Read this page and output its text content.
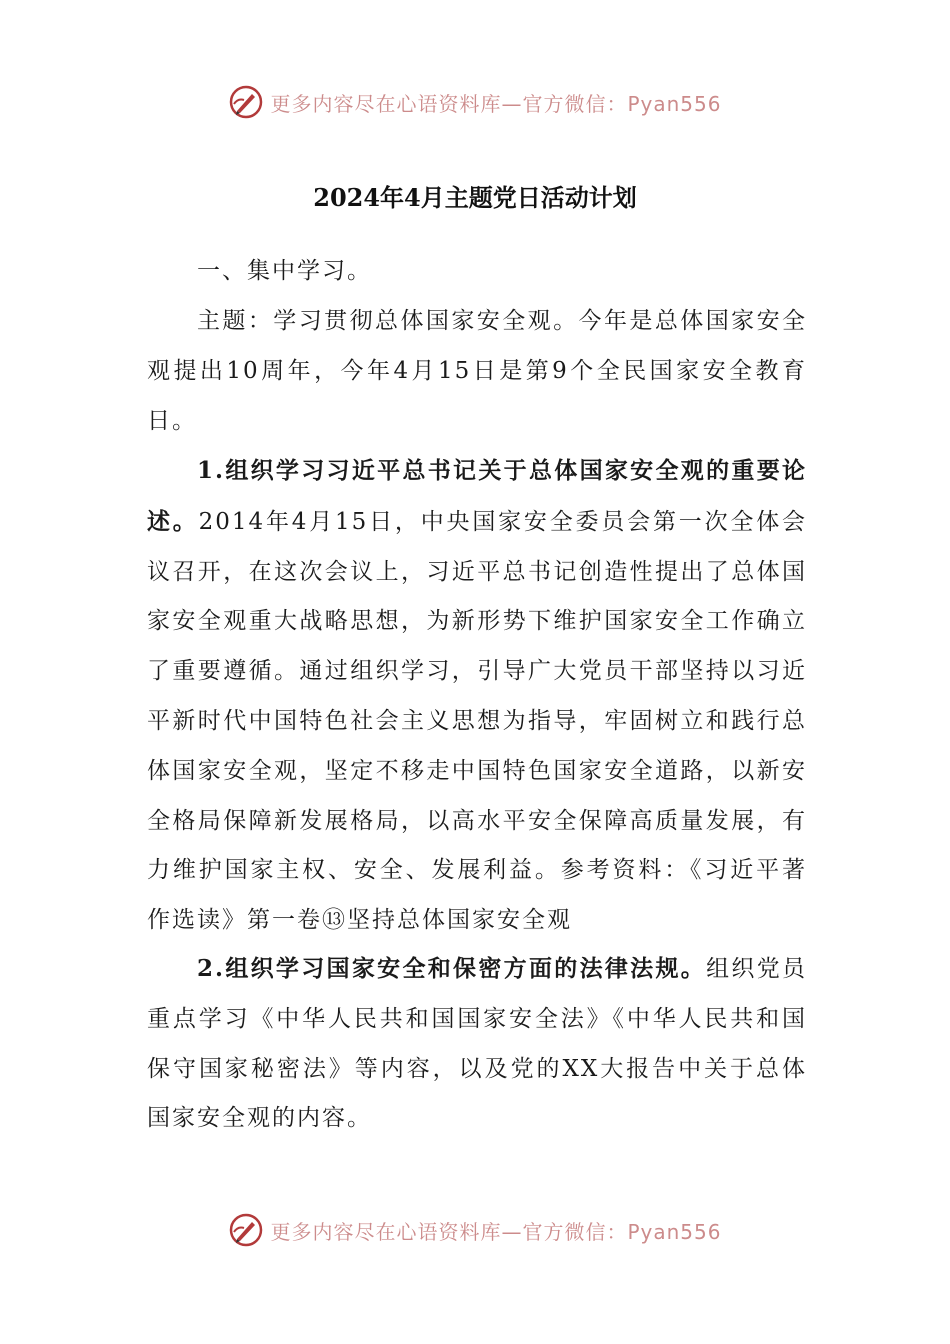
更多内容尽在心语资料库—官方微信：Pyan556
2024年4月主题党日活动计划

一、集中学习。

主题：学习贯彻总体国家安全观。今年是总体国家安全观提出10周年，今年4月15日是第9个全民国家安全教育日。

1.组织学习习近平总书记关于总体国家安全观的重要论述。2014年4月15日，中央国家安全委员会第一次全体会议召开，在这次会议上，习近平总书记创造性提出了总体国家安全观重大战略思想，为新形势下维护国家安全工作确立了重要遵循。通过组织学习，引导广大党员干部坚持以习近平新时代中国特色社会主义思想为指导，牢固树立和践行总体国家安全观，坚定不移走中国特色国家安全道路，以新安全格局保障新发展格局，以高水平安全保障高质量发展，有力维护国家主权、安全、发展利益。参考资料：《习近平著作选读》第一卷⑬坚持总体国家安全观

2.组织学习国家安全和保密方面的法律法规。组织党员重点学习《中华人民共和国国家安全法》《中华人民共和国保守国家秘密法》等内容，以及党的XX大报告中关于总体国家安全观的内容。

更多内容尽在心语资料库—官方微信：Pyan556
